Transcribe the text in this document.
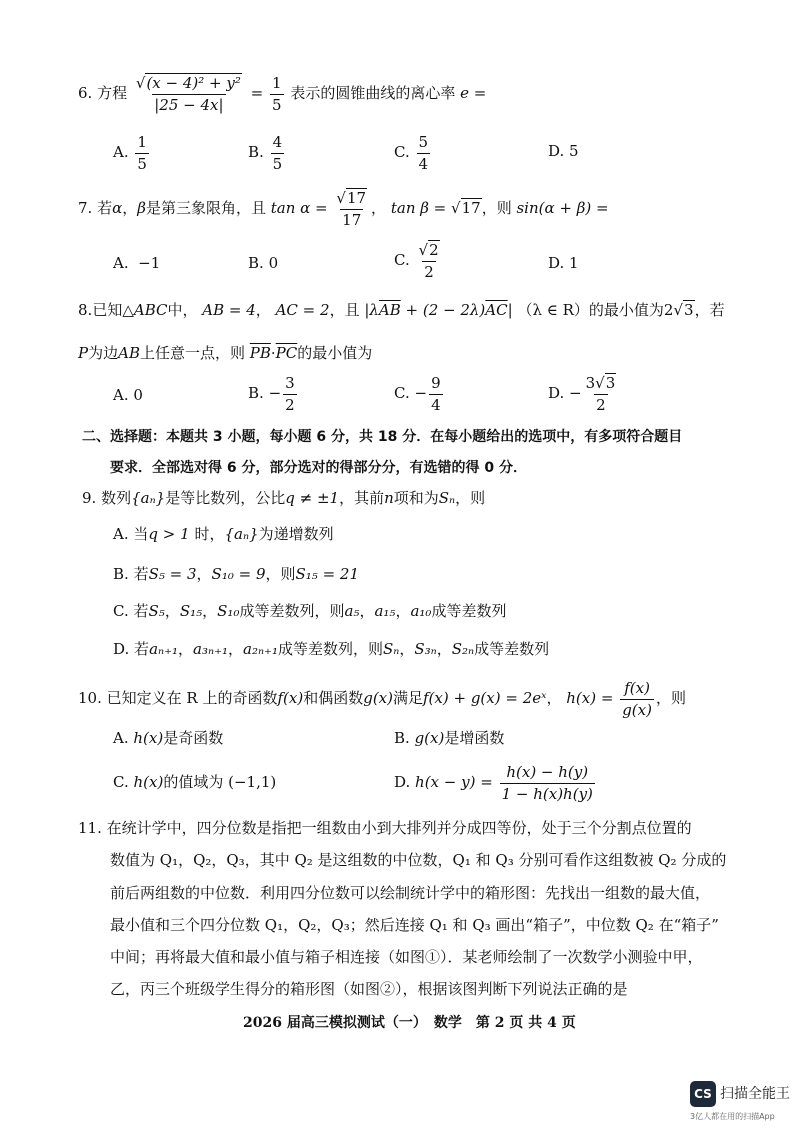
6. 方程 $\frac{\text{√(x − 4)² + y²}}{|25 - 4x|} = \frac{1}{5}$ 表示的圆锥曲线的离心率 e =
A. $\frac{1}{5}$	B. $\frac{4}{5}$	C. $\frac{5}{4}$	D. 5
7. 若α，β是第三象限角，且 $\tan \alpha = \frac{√17}{17}$ ， tan β = √17，则 sin(α + β) =
A. −1	B. 0	C. $\frac{√2}{2}$	D. 1
8.已知△ABC中， AB = 4， AC = 2，且 $|\lambda\overline{AB} + (2 - 2\lambda)\overline{AC}|$ （λ ∈ R）的最小值为2√3，若
P为边AB上任意一点，则 $\overline{PB}\cdot\overline{PC}$的最小值为
A. 0	B. − $\frac{3}{2}$	C. − $\frac{9}{4}$	D. − $\frac{3√3}{2}$
二、选择题：本题共 3 小题，每小题 6 分，共 18 分．在每小题给出的选项中，有多项符合题目
要求．全部选对得 6 分，部分选对的得部分分，有选错的得 0 分．
9. 数列{aₙ}是等比数列，公比q ≠ ±1，其前n项和为Sₙ，则
A. 当q > 1 时，{aₙ}为递增数列
B. 若S₅ = 3，S₁₀ = 9，则S₁₅ = 21
C. 若S₅，S₁₅，S₁₀成等差数列，则a₅，a₁₅，a₁₀成等差数列
D. 若aₙ₊₁，a₃ₙ₊₁，a₂ₙ₊₁成等差数列，则Sₙ，S₃ₙ，S₂ₙ成等差数列
10. 已知定义在 R 上的奇函数f(x)和偶函数g(x)满足f(x) + g(x) = 2eˣ， $h(x) = \frac{f(x)}{g(x)}$ ，则
A. h(x)是奇函数	B. g(x)是增函数
C. h(x)的值域为 (−1,1)	D. $h(x - y) = \frac{h(x) - h(y)}{1 - h(x)h(y)}$
11. 在统计学中，四分位数是指把一组数由小到大排列并分成四等份，处于三个分割点位置的
数值为 Q₁，Q₂，Q₃，其中 Q₂ 是这组数的中位数，Q₁ 和 Q₃ 分别可看作这组数被 Q₂ 分成的
前后两组数的中位数．利用四分位数可以绘制统计学中的箱形图：先找出一组数的最大值，
最小值和三个四分位数 Q₁，Q₂，Q₃；然后连接 Q₁ 和 Q₃ 画出“箱子”，中位数 Q₂ 在“箱子”
中间；再将最大值和最小值与箱子相连接（如图①）．某老师绘制了一次数学小测验中甲，
乙，丙三个班级学生得分的箱形图（如图②），根据该图判断下列说法正确的是
2026 届高三模拟测试（一）　数学　第 2 页 共 4 页
CS 扫描全能王
3亿人都在用的扫描App
